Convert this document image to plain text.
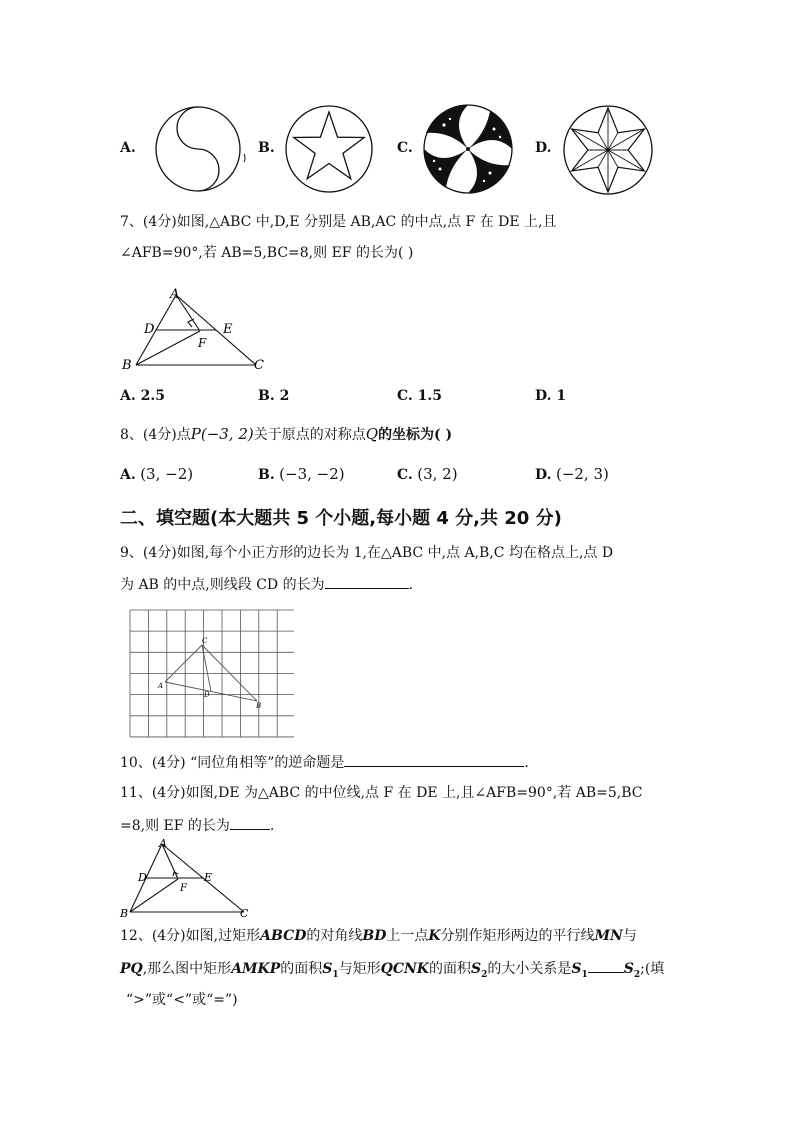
A.	B.	C.	D.
7、(4分)如图,△ABC 中,D,E 分别是 AB,AC 的中点,点 F 在 DE 上,且
∠AFB=90°,若 AB=5,BC=8,则 EF 的长为( )
A
D	E
F
B	C
A. 2.5	B. 2	C. 1.5	D. 1
8、(4分)点P(−3, 2)关于原点的对称点Q的坐标为( )
A. (3, −2)	B. (−3, −2)	C. (3, 2)	D. (−2, 3)
二、填空题(本大题共 5 个小题,每小题 4 分,共 20 分)
9、(4分)如图,每个小正方形的边长为 1,在△ABC 中,点 A,B,C 均在格点上,点 D
为 AB 的中点,则线段 CD 的长为	.
C
A
D
B
10、(4分) “同位角相等”的逆命题是	.
11、(4分)如图,DE 为△ABC 的中位线,点 F 在 DE 上,且∠AFB=90°,若 AB=5,BC
=8,则 EF 的长为	.
A
D	E
F
B	C
12、(4分)如图,过矩形ABCD的对角线BD上一点K分别作矩形两边的平行线MN与
PQ,那么图中矩形AMKP的面积$S_1$与矩形QCNK的面积$S_2$的大小关系是$S_1$	$S_2$;(填
“>”或“<”或“=”)
